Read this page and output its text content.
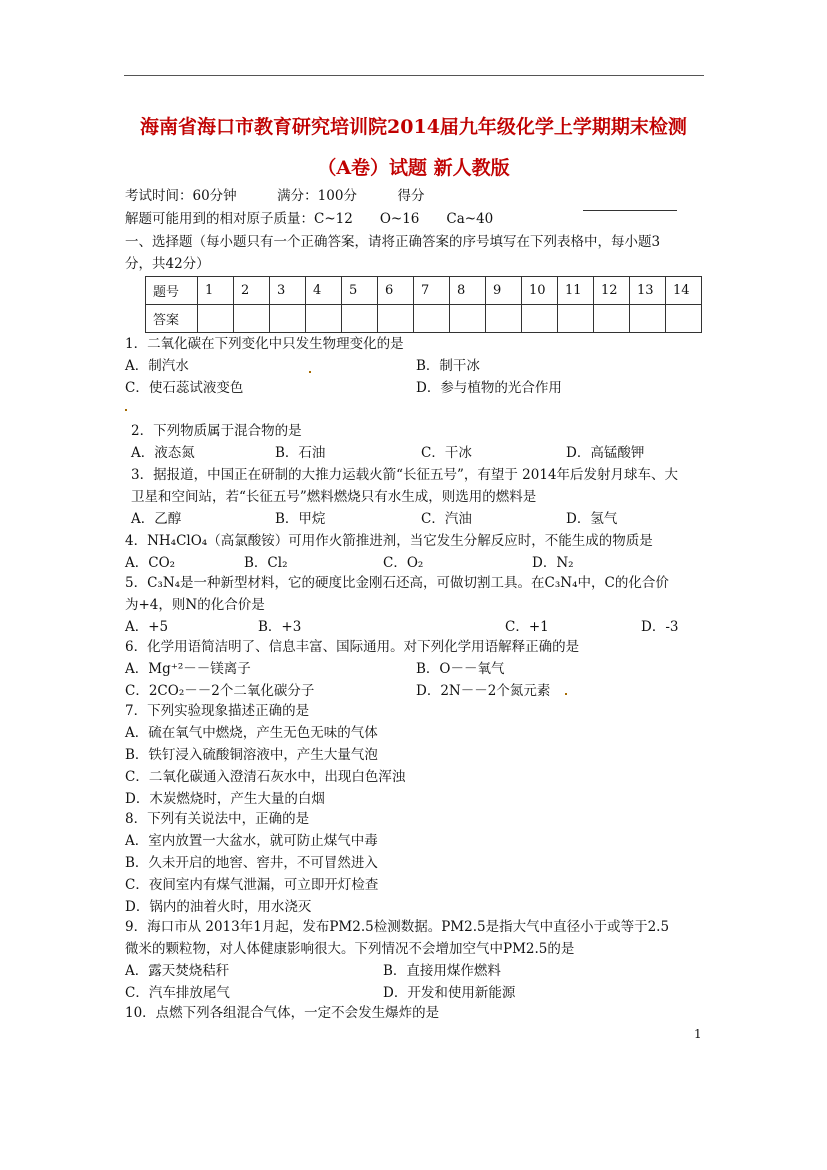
海南省海口市教育研究培训院2014届九年级化学上学期期末检测
（A卷）试题 新人教版
考试时间：60分钟　　　满分：100分　　　得分
解题可能用到的相对原子质量：C~12　　O~16　　Ca~40
一、选择题（每小题只有一个正确答案，请将正确答案的序号填写在下列表格中，每小题3
分，共42分）
题号	1	2	3	4	5	6	7	8	9	10	11	12	13	14
答案														
1．二氧化碳在下列变化中只发生物理变化的是
A．制汽水	B．制干冰
C．使石蕊试液变色	D．参与植物的光合作用
2．下列物质属于混合物的是
A．液态氮	B．石油	C．干冰	D．高锰酸钾
3．据报道，中国正在研制的大推力运载火箭“长征五号”，有望于 2014年后发射月球车、大
卫星和空间站，若“长征五号”燃料燃烧只有水生成，则选用的燃料是
A．乙醇	B．甲烷	C．汽油	D．氢气
4．NH₄ClO₄（高氯酸铵）可用作火箭推进剂，当它发生分解反应时，不能生成的物质是
A．CO₂	B．Cl₂	C．O₂	D．N₂
5．C₃N₄是一种新型材料，它的硬度比金刚石还高，可做切割工具。在C₃N₄中，C的化合价
为+4，则N的化合价是
A．+5	B．+3	C．+1	D．-3
6．化学用语简洁明了、信息丰富、国际通用。对下列化学用语解释正确的是
A．Mg⁺²－－镁离子	B．O－－氧气
C．2CO₂－－2个二氧化碳分子	D．2N－－2个氮元素
7．下列实验现象描述正确的是
A．硫在氧气中燃烧，产生无色无味的气体
B．铁钉浸入硫酸铜溶液中，产生大量气泡
C．二氧化碳通入澄清石灰水中，出现白色浑浊
D．木炭燃烧时，产生大量的白烟
8．下列有关说法中，正确的是
A．室内放置一大盆水，就可防止煤气中毒
B．久未开启的地窖、窖井，不可冒然进入
C．夜间室内有煤气泄漏，可立即开灯检查
D．锅内的油着火时，用水浇灭
9．海口市从 2013年1月起，发布PM2.5检测数据。PM2.5是指大气中直径小于或等于2.5
微米的颗粒物，对人体健康影响很大。下列情况不会增加空气中PM2.5的是
A．露天焚烧秸秆	B．直接用煤作燃料
C．汽车排放尾气	D．开发和使用新能源
10．点燃下列各组混合气体，一定不会发生爆炸的是
1
